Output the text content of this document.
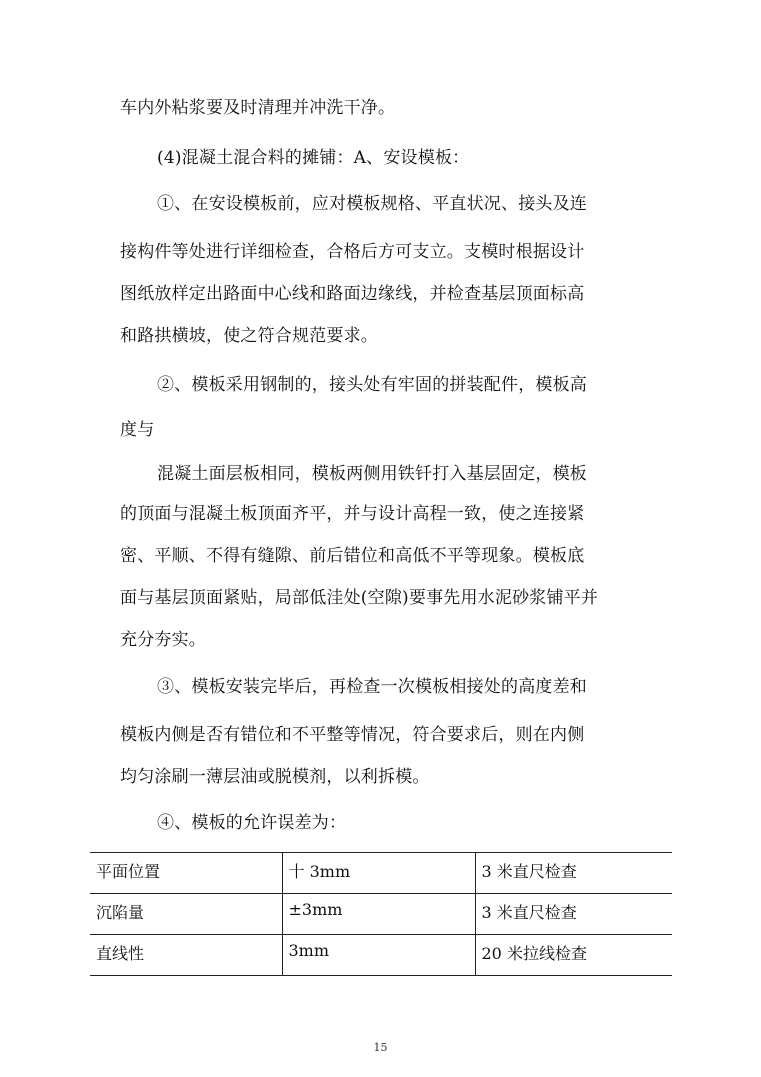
车内外粘浆要及时清理并冲洗干净。
(4)混凝土混合料的摊铺：A、安设模板：
①、在安设模板前，应对模板规格、平直状况、接头及连
接构件等处进行详细检查，合格后方可支立。支模时根据设计
图纸放样定出路面中心线和路面边缘线，并检查基层顶面标高
和路拱横坡，使之符合规范要求。
②、模板采用钢制的，接头处有牢固的拼装配件，模板高
度与
混凝土面层板相同，模板两侧用铁钎打入基层固定，模板
的顶面与混凝土板顶面齐平，并与设计高程一致，使之连接紧
密、平顺、不得有缝隙、前后错位和高低不平等现象。模板底
面与基层顶面紧贴，局部低洼处(空隙)要事先用水泥砂浆铺平并
充分夯实。
③、模板安装完毕后，再检查一次模板相接处的高度差和
模板内侧是否有错位和不平整等情况，符合要求后，则在内侧
均匀涂刷一薄层油或脱模剂，以利拆模。
④、模板的允许误差为：
平面位置	十 3mm	3 米直尺检查
沉陷量	±3mm	3 米直尺检查
直线性	3mm	20 米拉线检查
15
